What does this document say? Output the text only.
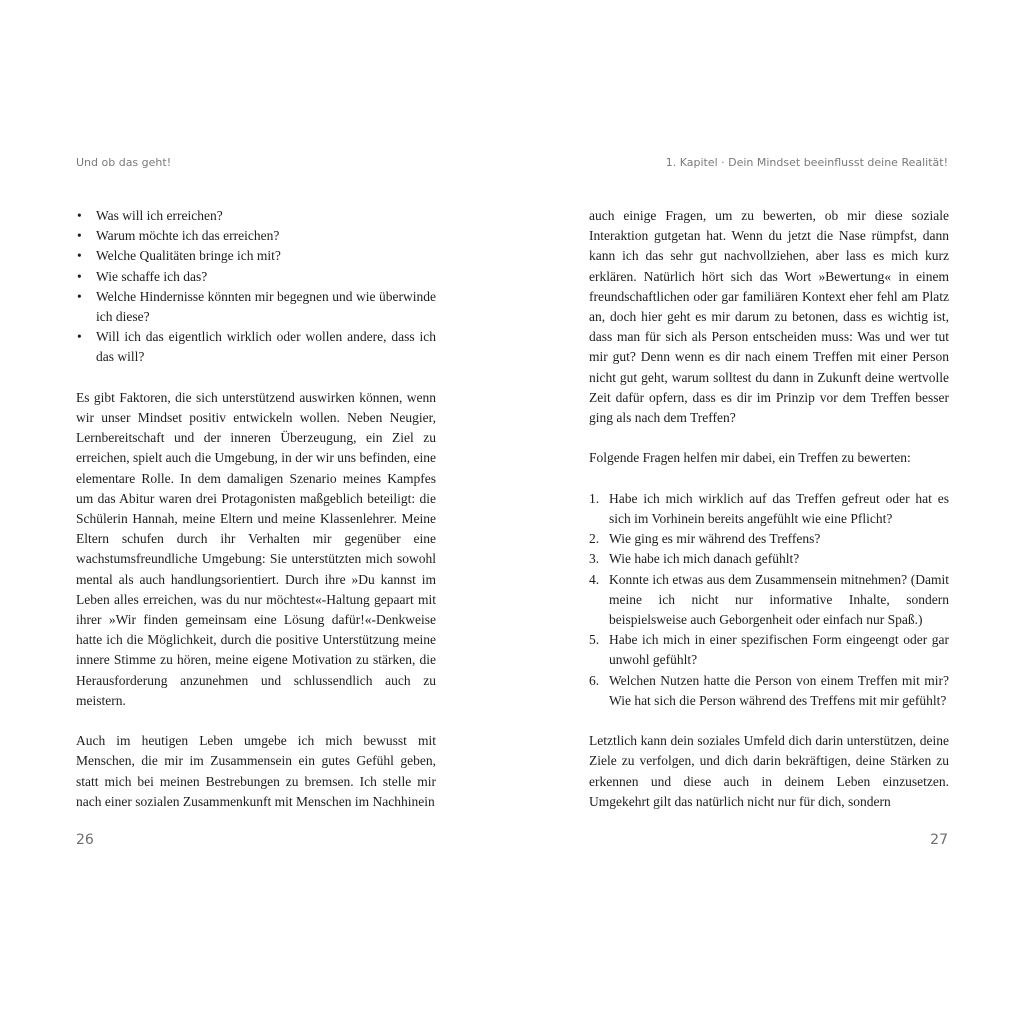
Und ob das geht!
• Was will ich erreichen?
• Warum möchte ich das erreichen?
• Welche Qualitäten bringe ich mit?
• Wie schaffe ich das?
• Welche Hindernisse könnten mir begegnen und wie überwinde ich diese?
• Will ich das eigentlich wirklich oder wollen andere, dass ich das will?

Es gibt Faktoren, die sich unterstützend auswirken können, wenn wir unser Mindset positiv entwickeln wollen. Neben Neugier, Lernbereitschaft und der inneren Überzeugung, ein Ziel zu erreichen, spielt auch die Umgebung, in der wir uns befinden, eine elementare Rolle. In dem damaligen Szenario meines Kampfes um das Abitur waren drei Protagonisten maßgeblich beteiligt: die Schülerin Hannah, meine Eltern und meine Klassenlehrer. Meine Eltern schufen durch ihr Verhalten mir gegenüber eine wachstumsfreundliche Umgebung: Sie unterstützten mich sowohl mental als auch handlungsorientiert. Durch ihre »Du kannst im Leben alles erreichen, was du nur möchtest«-Haltung gepaart mit ihrer »Wir finden gemeinsam eine Lösung dafür!«-Denkweise hatte ich die Möglichkeit, durch die positive Unterstützung meine innere Stimme zu hören, meine eigene Motivation zu stärken, die Herausforderung anzunehmen und schlussendlich auch zu meistern.

Auch im heutigen Leben umgebe ich mich bewusst mit Menschen, die mir im Zusammensein ein gutes Gefühl geben, statt mich bei meinen Bestrebungen zu bremsen. Ich stelle mir nach einer sozialen Zusammenkunft mit Menschen im Nachhinein

26
1. Kapitel · Dein Mindset beeinflusst deine Realität!

auch einige Fragen, um zu bewerten, ob mir diese soziale Interaktion gutgetan hat. Wenn du jetzt die Nase rümpfst, dann kann ich das sehr gut nachvollziehen, aber lass es mich kurz erklären. Natürlich hört sich das Wort »Bewertung« in einem freundschaftlichen oder gar familiären Kontext eher fehl am Platz an, doch hier geht es mir darum zu betonen, dass es wichtig ist, dass man für sich als Person entscheiden muss: Was und wer tut mir gut? Denn wenn es dir nach einem Treffen mit einer Person nicht gut geht, warum solltest du dann in Zukunft deine wertvolle Zeit dafür opfern, dass es dir im Prinzip vor dem Treffen besser ging als nach dem Treffen?

Folgende Fragen helfen mir dabei, ein Treffen zu bewerten:

1. Habe ich mich wirklich auf das Treffen gefreut oder hat es sich im Vorhinein bereits angefühlt wie eine Pflicht?
2. Wie ging es mir während des Treffens?
3. Wie habe ich mich danach gefühlt?
4. Konnte ich etwas aus dem Zusammensein mitnehmen? (Damit meine ich nicht nur informative Inhalte, sondern beispielsweise auch Geborgenheit oder einfach nur Spaß.)
5. Habe ich mich in einer spezifischen Form eingeengt oder gar unwohl gefühlt?
6. Welchen Nutzen hatte die Person von einem Treffen mit mir? Wie hat sich die Person während des Treffens mit mir gefühlt?

Letztlich kann dein soziales Umfeld dich darin unterstützen, deine Ziele zu verfolgen, und dich darin bekräftigen, deine Stärken zu erkennen und diese auch in deinem Leben einzusetzen. Umgekehrt gilt das natürlich nicht nur für dich, sondern

27
